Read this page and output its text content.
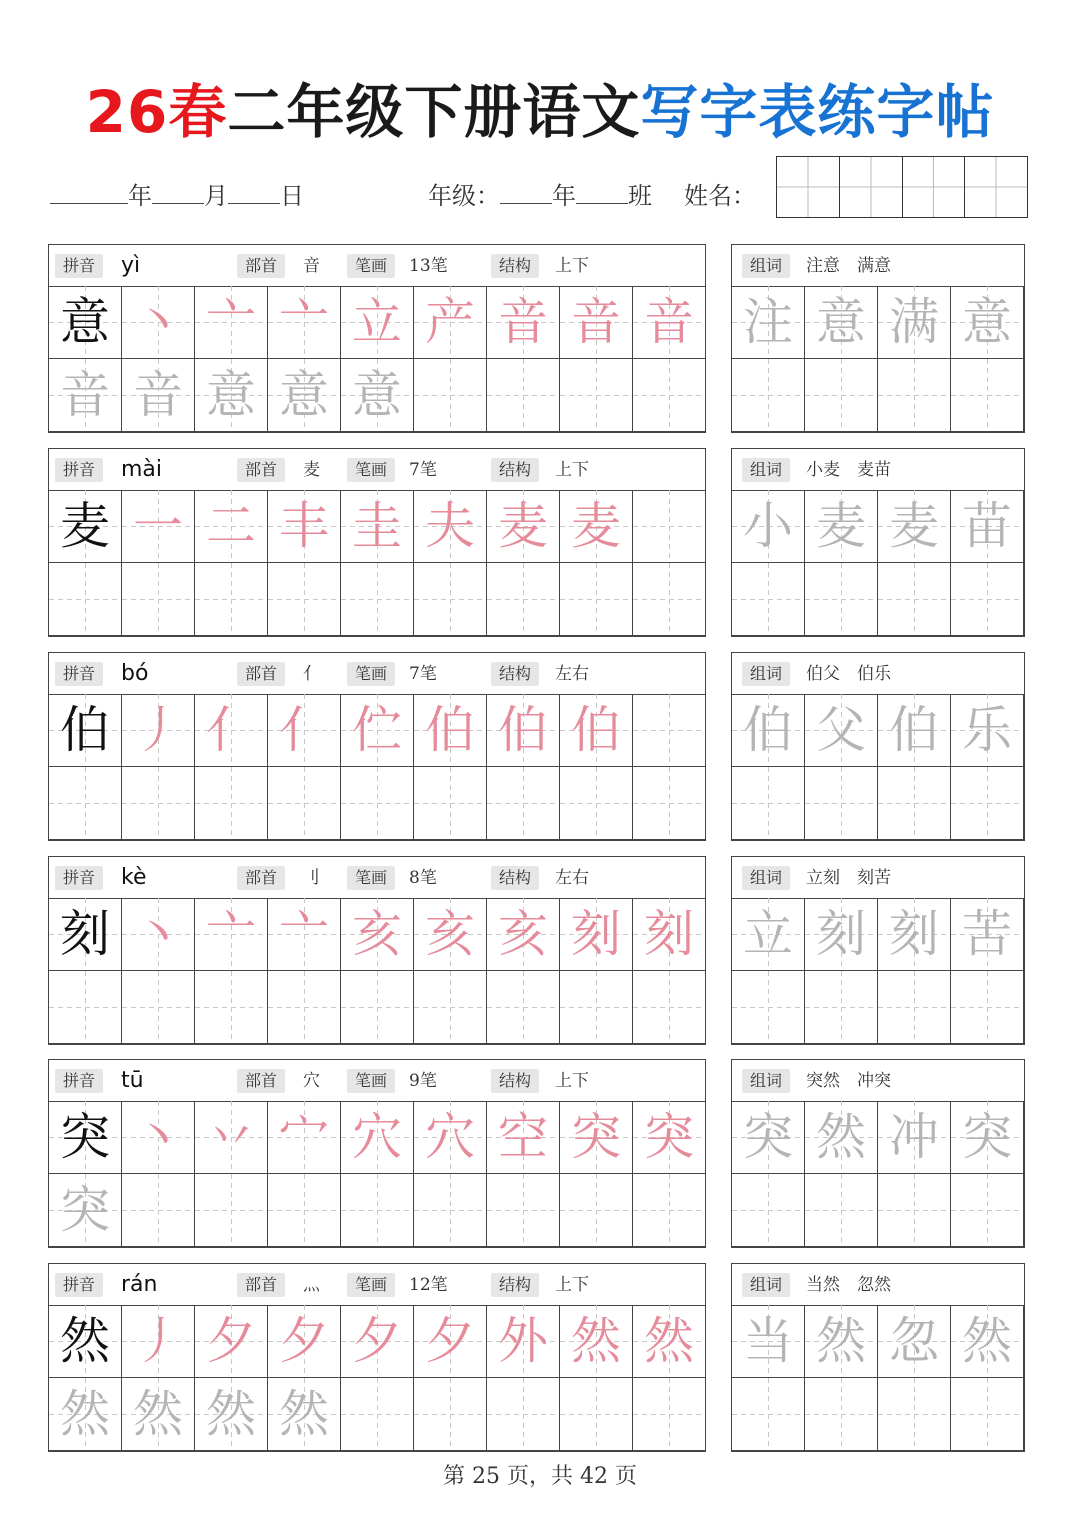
26春二年级下册语文写字表练字帖
年 月 日	年级： 年 班 姓名：
拼音	yì	部首	音	笔画	13笔	结构	上下
意 丶 亠 亠 立 产 音 音 音
音 音 意 意 意
组词	注意　满意
注 意 满 意
拼音	mài	部首	麦	笔画	7笔	结构	上下
麦 一 二 丰 圭 夫 麦 麦
组词	小麦　麦苗
小 麦 麦 苗
拼音	bó	部首	亻	笔画	7笔	结构	左右
伯 丿 亻 亻 伫 伯 伯 伯
组词	伯父　伯乐
伯 父 伯 乐
拼音	kè	部首	刂	笔画	8笔	结构	左右
刻 丶 亠 亠 亥 亥 亥 刻 刻
组词	立刻　刻苦
立 刻 刻 苦
拼音	tū	部首	穴	笔画	9笔	结构	上下
突 丶 丷 宀 穴 穴 空 突 突
突
组词	突然　冲突
突 然 冲 突
拼音	rán	部首	灬	笔画	12笔	结构	上下
然 丿 夕 夕 夕 夕 外 然 然
然 然 然 然
组词	当然　忽然
当 然 忽 然
第 25 页，共 42 页
